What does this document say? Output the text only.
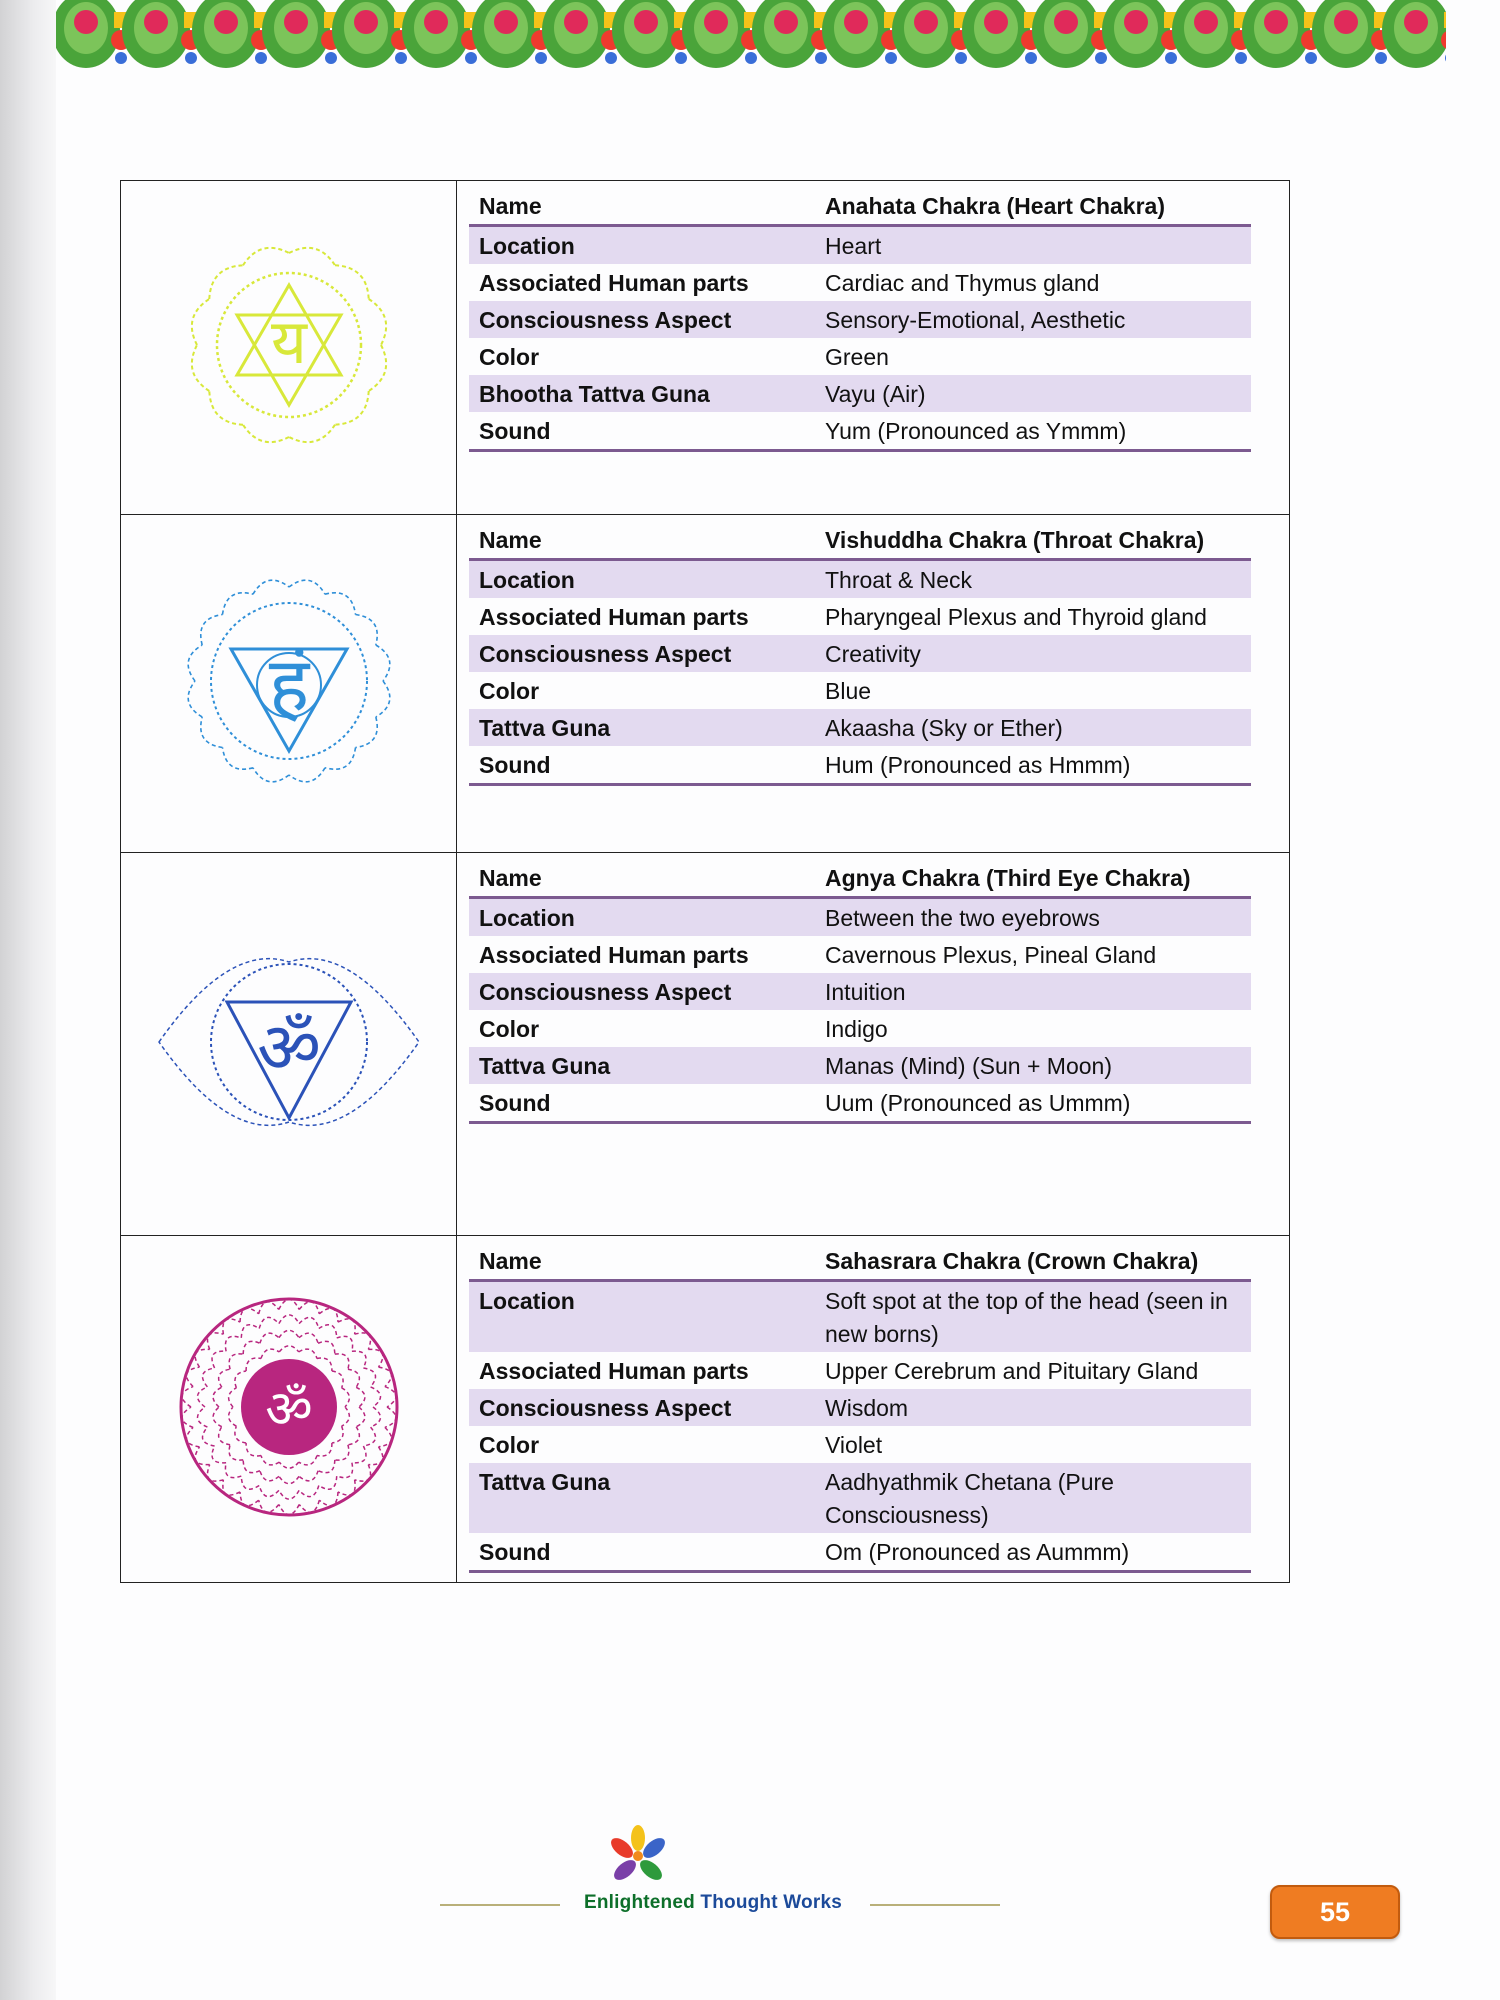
य

Name	Anahata Chakra (Heart Chakra)
Location	Heart
Associated Human parts	Cardiac and Thymus gland
Consciousness Aspect	Sensory-Emotional, Aesthetic
Color	Green
Bhootha Tattva Guna	Vayu (Air)
Sound	Yum (Pronounced as Ymmm)

हं

Name	Vishuddha Chakra (Throat Chakra)
Location	Throat & Neck
Associated Human parts	Pharyngeal Plexus and Thyroid gland
Consciousness Aspect	Creativity
Color	Blue
Tattva Guna	Akaasha (Sky or Ether)
Sound	Hum (Pronounced as Hmmm)

ॐ

Name	Agnya Chakra (Third Eye Chakra)
Location	Between the two eyebrows
Associated Human parts	Cavernous Plexus, Pineal Gland
Consciousness Aspect	Intuition
Color	Indigo
Tattva Guna	Manas (Mind) (Sun + Moon)
Sound	Uum (Pronounced as Ummm)

ॐ

Name	Sahasrara Chakra (Crown Chakra)
Location	Soft spot at the top of the head (seen in new borns)
Associated Human parts	Upper Cerebrum and Pituitary Gland
Consciousness Aspect	Wisdom
Color	Violet
Tattva Guna	Aadhyathmik Chetana (Pure Consciousness)
Sound	Om (Pronounced as Aummm)
Enlightened Thought Works	55
